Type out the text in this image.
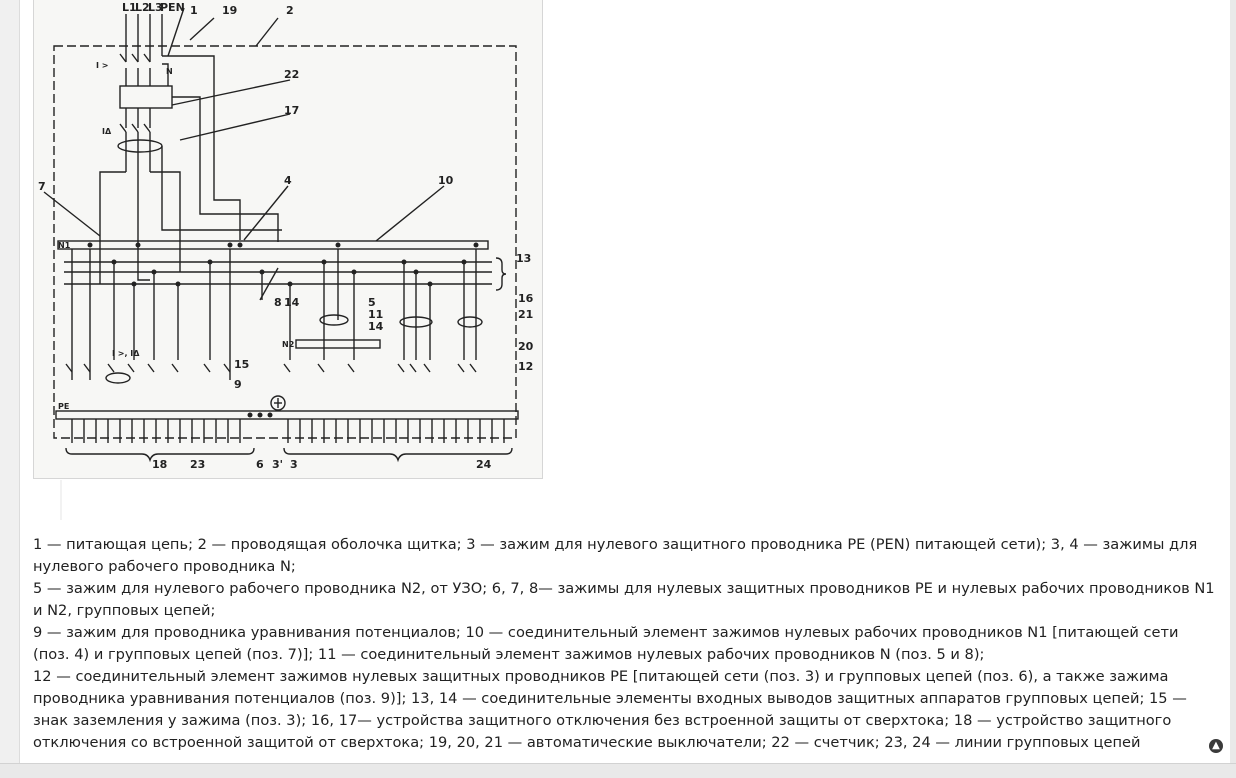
L1
L2
L3
PEN 1 19	2
22
17
4	10
7
13
8 14	5
11
14
16
21
20
12
15
9
18 23	6 3' 3	24
N1
N2
PE
N
I >
IΔ
I >, IΔ

1 — питающая цепь; 2 — проводящая оболочка щитка; 3 — зажим для нулевого защитного проводника PE (PEN) питающей сети); 3, 4 — зажимы для нулевого рабочего проводника N;

5 — зажим для нулевого рабочего проводника N2, от УЗО; 6, 7, 8— зажимы для нулевых защитных проводников PE и нулевых рабочих проводников N1 и N2, групповых цепей;

9 — зажим для проводника уравнивания потенциалов; 10 — соединительный элемент зажимов нулевых рабочих проводников N1 [питающей сети (поз. 4) и групповых цепей (поз. 7)]; 11 — соединительный элемент зажимов нулевых рабочих проводников N (поз. 5 и 8);

12 — соединительный элемент зажимов нулевых защитных проводников PE [питающей сети (поз. 3) и групповых цепей (поз. 6), а также зажима проводника уравнивания потенциалов (поз. 9)]; 13, 14 — соединительные элементы входных выводов защитных аппаратов групповых цепей; 15 — знак заземления у зажима (поз. 3); 16, 17— устройства защитного отключения без встроенной защиты от сверхтока; 18 — устройство защитного отключения со встроенной защитой от сверхтока; 19, 20, 21 — автоматические выключатели; 22 — счетчик; 23, 24 — линии групповых цепей	▲
